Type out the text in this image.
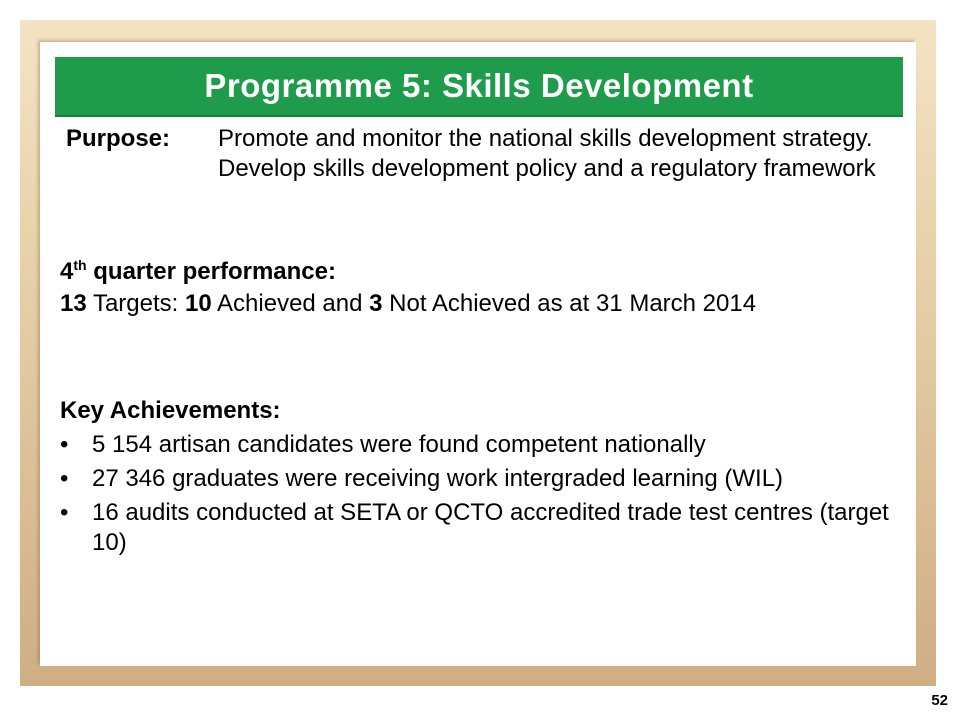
Programme 5: Skills Development
Purpose:	Promote and monitor the national skills development strategy. Develop skills development policy and a regulatory framework
4th quarter performance:
13 Targets: 10 Achieved and 3 Not Achieved as at 31 March 2014
Key Achievements:
• 5 154 artisan candidates were found competent nationally
• 27 346 graduates were receiving work intergraded learning (WIL)
• 16 audits conducted at SETA or QCTO accredited trade test centres (target 10)
52
